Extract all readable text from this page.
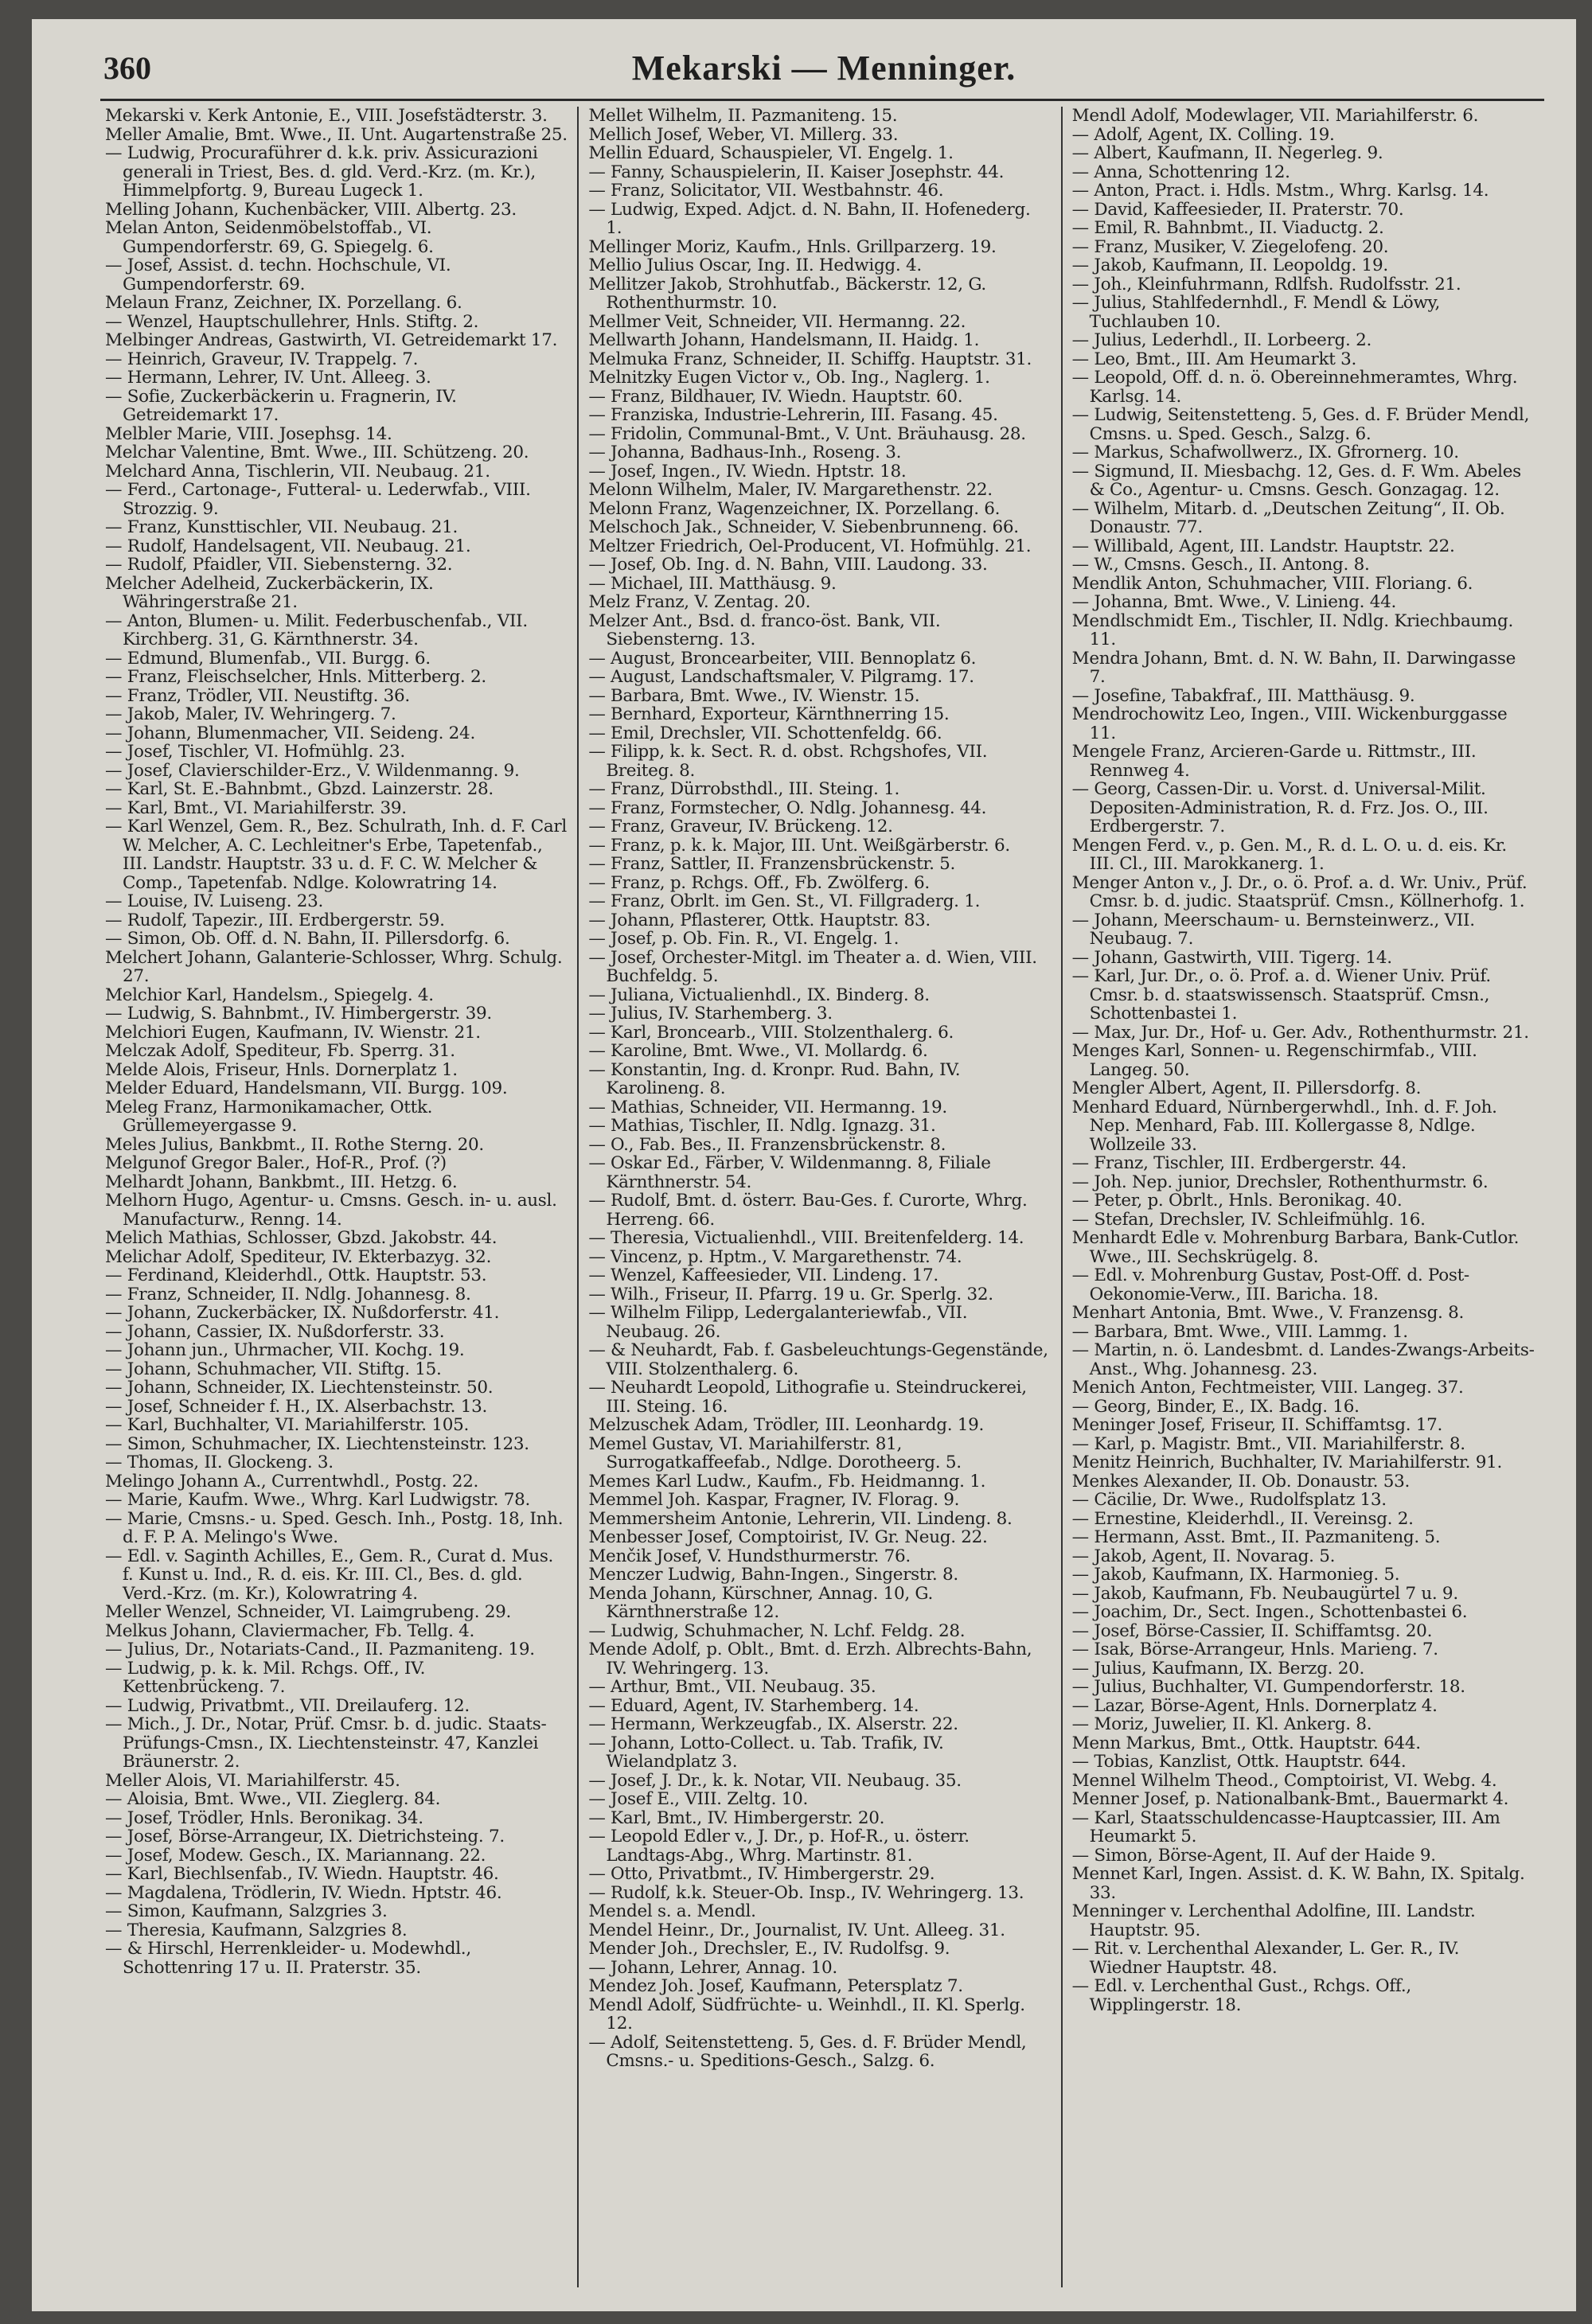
360	Mekarski — Menninger.

Mekarski v. Kerk Antonie, E., VIII. Josefstädterstr. 3.

Meller Amalie, Bmt. Wwe., II. Unt. Augartenstraße 25.

— Ludwig, Procuraführer d. k.k. priv. Assicurazioni generali in Triest, Bes. d. gld. Verd.-Krz. (m. Kr.), Himmelpfortg. 9, Bureau Lugeck 1.

Melling Johann, Kuchenbäcker, VIII. Albertg. 23.

Melan Anton, Seidenmöbelstoffab., VI. Gumpendorferstr. 69, G. Spiegelg. 6.

— Josef, Assist. d. techn. Hochschule, VI. Gumpendorferstr. 69.

Melaun Franz, Zeichner, IX. Porzellang. 6.

— Wenzel, Hauptschullehrer, Hnls. Stiftg. 2.

Melbinger Andreas, Gastwirth, VI. Getreidemarkt 17.

— Heinrich, Graveur, IV. Trappelg. 7.

— Hermann, Lehrer, IV. Unt. Alleeg. 3.

— Sofie, Zuckerbäckerin u. Fragnerin, IV. Getreidemarkt 17.

Melbler Marie, VIII. Josephsg. 14.

Melchar Valentine, Bmt. Wwe., III. Schützeng. 20.

Melchard Anna, Tischlerin, VII. Neubaug. 21.

— Ferd., Cartonage-, Futteral- u. Lederwfab., VIII. Strozzig. 9.

— Franz, Kunsttischler, VII. Neubaug. 21.

— Rudolf, Handelsagent, VII. Neubaug. 21.

— Rudolf, Pfaidler, VII. Siebensterng. 32.

Melcher Adelheid, Zuckerbäckerin, IX. Währingerstraße 21.

— Anton, Blumen- u. Milit. Federbuschenfab., VII. Kirchberg. 31, G. Kärnthnerstr. 34.

— Edmund, Blumenfab., VII. Burgg. 6.

— Franz, Fleischselcher, Hnls. Mitterberg. 2.

— Franz, Trödler, VII. Neustiftg. 36.

— Jakob, Maler, IV. Wehringerg. 7.

— Johann, Blumenmacher, VII. Seideng. 24.

— Josef, Tischler, VI. Hofmühlg. 23.

— Josef, Clavierschilder-Erz., V. Wildenmanng. 9.

— Karl, St. E.-Bahnbmt., Gbzd. Lainzerstr. 28.

— Karl, Bmt., VI. Mariahilferstr. 39.

— Karl Wenzel, Gem. R., Bez. Schulrath, Inh. d. F. Carl W. Melcher, A. C. Lechleitner's Erbe, Tapetenfab., III. Landstr. Hauptstr. 33 u. d. F. C. W. Melcher & Comp., Tapetenfab. Ndlge. Kolowratring 14.

— Louise, IV. Luiseng. 23.

— Rudolf, Tapezir., III. Erdbergerstr. 59.

— Simon, Ob. Off. d. N. Bahn, II. Pillersdorfg. 6.

Melchert Johann, Galanterie-Schlosser, Whrg. Schulg. 27.

Melchior Karl, Handelsm., Spiegelg. 4.

— Ludwig, S. Bahnbmt., IV. Himbergerstr. 39.

Melchiori Eugen, Kaufmann, IV. Wienstr. 21.

Melczak Adolf, Spediteur, Fb. Sperrg. 31.

Melde Alois, Friseur, Hnls. Dornerplatz 1.

Melder Eduard, Handelsmann, VII. Burgg. 109.

Meleg Franz, Harmonikamacher, Ottk. Grüllemeyergasse 9.

Meles Julius, Bankbmt., II. Rothe Sterng. 20.

Melgunof Gregor Baler., Hof-R., Prof. (?)

Melhardt Johann, Bankbmt., III. Hetzg. 6.

Melhorn Hugo, Agentur- u. Cmsns. Gesch. in- u. ausl. Manufacturw., Renng. 14.

Melich Mathias, Schlosser, Gbzd. Jakobstr. 44.

Melichar Adolf, Spediteur, IV. Ekterbazyg. 32.

— Ferdinand, Kleiderhdl., Ottk. Hauptstr. 53.

— Franz, Schneider, II. Ndlg. Johannesg. 8.

— Johann, Zuckerbäcker, IX. Nußdorferstr. 41.

— Johann, Cassier, IX. Nußdorferstr. 33.

— Johann jun., Uhrmacher, VII. Kochg. 19.

— Johann, Schuhmacher, VII. Stiftg. 15.

— Johann, Schneider, IX. Liechtensteinstr. 50.

— Josef, Schneider f. H., IX. Alserbachstr. 13.

— Karl, Buchhalter, VI. Mariahilferstr. 105.

— Simon, Schuhmacher, IX. Liechtensteinstr. 123.

— Thomas, II. Glockeng. 3.

Melingo Johann A., Currentwhdl., Postg. 22.

— Marie, Kaufm. Wwe., Whrg. Karl Ludwigstr. 78.

— Marie, Cmsns.- u. Sped. Gesch. Inh., Postg. 18, Inh. d. F. P. A. Melingo's Wwe.

— Edl. v. Saginth Achilles, E., Gem. R., Curat d. Mus. f. Kunst u. Ind., R. d. eis. Kr. III. Cl., Bes. d. gld. Verd.-Krz. (m. Kr.), Kolowratring 4.

Meller Wenzel, Schneider, VI. Laimgrubeng. 29.

Melkus Johann, Claviermacher, Fb. Tellg. 4.

— Julius, Dr., Notariats-Cand., II. Pazmaniteng. 19.

— Ludwig, p. k. k. Mil. Rchgs. Off., IV. Kettenbrückeng. 7.

— Ludwig, Privatbmt., VII. Dreilauferg. 12.

— Mich., J. Dr., Notar, Prüf. Cmsr. b. d. judic. Staats-Prüfungs-Cmsn., IX. Liechtensteinstr. 47, Kanzlei Bräunerstr. 2.

Meller Alois, VI. Mariahilferstr. 45.

— Aloisia, Bmt. Wwe., VII. Zieglerg. 84.

— Josef, Trödler, Hnls. Beronikag. 34.

— Josef, Börse-Arrangeur, IX. Dietrichsteing. 7.

— Josef, Modew. Gesch., IX. Mariannang. 22.

— Karl, Biechlsenfab., IV. Wiedn. Hauptstr. 46.

— Magdalena, Trödlerin, IV. Wiedn. Hptstr. 46.

— Simon, Kaufmann, Salzgries 3.

— Theresia, Kaufmann, Salzgries 8.

— & Hirschl, Herrenkleider- u. Modewhdl., Schottenring 17 u. II. Praterstr. 35.

Mellet Wilhelm, II. Pazmaniteng. 15.

Mellich Josef, Weber, VI. Millerg. 33.

Mellin Eduard, Schauspieler, VI. Engelg. 1.

— Fanny, Schauspielerin, II. Kaiser Josephstr. 44.

— Franz, Solicitator, VII. Westbahnstr. 46.

— Ludwig, Exped. Adjct. d. N. Bahn, II. Hofenederg. 1.

Mellinger Moriz, Kaufm., Hnls. Grillparzerg. 19.

Mellio Julius Oscar, Ing. II. Hedwigg. 4.

Mellitzer Jakob, Strohhutfab., Bäckerstr. 12, G. Rothenthurmstr. 10.

Mellmer Veit, Schneider, VII. Hermanng. 22.

Mellwarth Johann, Handelsmann, II. Haidg. 1.

Melmuka Franz, Schneider, II. Schiffg. Hauptstr. 31.

Melnitzky Eugen Victor v., Ob. Ing., Naglerg. 1.

— Franz, Bildhauer, IV. Wiedn. Hauptstr. 60.

— Franziska, Industrie-Lehrerin, III. Fasang. 45.

— Fridolin, Communal-Bmt., V. Unt. Bräuhausg. 28.

— Johanna, Badhaus-Inh., Roseng. 3.

— Josef, Ingen., IV. Wiedn. Hptstr. 18.

Melonn Wilhelm, Maler, IV. Margarethenstr. 22.

Melonn Franz, Wagenzeichner, IX. Porzellang. 6.

Melschoch Jak., Schneider, V. Siebenbrunneng. 66.

Meltzer Friedrich, Oel-Producent, VI. Hofmühlg. 21.

— Josef, Ob. Ing. d. N. Bahn, VIII. Laudong. 33.

— Michael, III. Matthäusg. 9.

Melz Franz, V. Zentag. 20.

Melzer Ant., Bsd. d. franco-öst. Bank, VII. Siebensterng. 13.

— August, Broncearbeiter, VIII. Bennoplatz 6.

— August, Landschaftsmaler, V. Pilgramg. 17.

— Barbara, Bmt. Wwe., IV. Wienstr. 15.

— Bernhard, Exporteur, Kärnthnerring 15.

— Emil, Drechsler, VII. Schottenfeldg. 66.

— Filipp, k. k. Sect. R. d. obst. Rchgshofes, VII. Breiteg. 8.

— Franz, Dürrobsthdl., III. Steing. 1.

— Franz, Formstecher, O. Ndlg. Johannesg. 44.

— Franz, Graveur, IV. Brückeng. 12.

— Franz, p. k. k. Major, III. Unt. Weißgärberstr. 6.

— Franz, Sattler, II. Franzensbrückenstr. 5.

— Franz, p. Rchgs. Off., Fb. Zwölferg. 6.

— Franz, Obrlt. im Gen. St., VI. Fillgraderg. 1.

— Johann, Pflasterer, Ottk. Hauptstr. 83.

— Josef, p. Ob. Fin. R., VI. Engelg. 1.

— Josef, Orchester-Mitgl. im Theater a. d. Wien, VIII. Buchfeldg. 5.

— Juliana, Victualienhdl., IX. Binderg. 8.

— Julius, IV. Starhemberg. 3.

— Karl, Broncearb., VIII. Stolzenthalerg. 6.

— Karoline, Bmt. Wwe., VI. Mollardg. 6.

— Konstantin, Ing. d. Kronpr. Rud. Bahn, IV. Karolineng. 8.

— Mathias, Schneider, VII. Hermanng. 19.

— Mathias, Tischler, II. Ndlg. Ignazg. 31.

— O., Fab. Bes., II. Franzensbrückenstr. 8.

— Oskar Ed., Färber, V. Wildenmanng. 8, Filiale Kärnthnerstr. 54.

— Rudolf, Bmt. d. österr. Bau-Ges. f. Curorte, Whrg. Herreng. 66.

— Theresia, Victualienhdl., VIII. Breitenfelderg. 14.

— Vincenz, p. Hptm., V. Margarethenstr. 74.

— Wenzel, Kaffeesieder, VII. Lindeng. 17.

— Wilh., Friseur, II. Pfarrg. 19 u. Gr. Sperlg. 32.

— Wilhelm Filipp, Ledergalanteriewfab., VII. Neubaug. 26.

— & Neuhardt, Fab. f. Gasbeleuchtungs-Gegenstände, VIII. Stolzenthalerg. 6.

— Neuhardt Leopold, Lithografie u. Steindruckerei, III. Steing. 16.

Melzuschek Adam, Trödler, III. Leonhardg. 19.

Memel Gustav, VI. Mariahilferstr. 81, Surrogatkaffeefab., Ndlge. Dorotheerg. 5.

Memes Karl Ludw., Kaufm., Fb. Heidmanng. 1.

Memmel Joh. Kaspar, Fragner, IV. Florag. 9.

Memmersheim Antonie, Lehrerin, VII. Lindeng. 8.

Menbesser Josef, Comptoirist, IV. Gr. Neug. 22.

Menčik Josef, V. Hundsthurmerstr. 76.

Menczer Ludwig, Bahn-Ingen., Singerstr. 8.

Menda Johann, Kürschner, Annag. 10, G. Kärnthnerstraße 12.

— Ludwig, Schuhmacher, N. Lchf. Feldg. 28.

Mende Adolf, p. Oblt., Bmt. d. Erzh. Albrechts-Bahn, IV. Wehringerg. 13.

— Arthur, Bmt., VII. Neubaug. 35.

— Eduard, Agent, IV. Starhemberg. 14.

— Hermann, Werkzeugfab., IX. Alserstr. 22.

— Johann, Lotto-Collect. u. Tab. Trafik, IV. Wielandplatz 3.

— Josef, J. Dr., k. k. Notar, VII. Neubaug. 35.

— Josef E., VIII. Zeltg. 10.

— Karl, Bmt., IV. Himbergerstr. 20.

— Leopold Edler v., J. Dr., p. Hof-R., u. österr. Landtags-Abg., Whrg. Martinstr. 81.

— Otto, Privatbmt., IV. Himbergerstr. 29.

— Rudolf, k.k. Steuer-Ob. Insp., IV. Wehringerg. 13.

Mendel s. a. Mendl.

Mendel Heinr., Dr., Journalist, IV. Unt. Alleeg. 31.

Mender Joh., Drechsler, E., IV. Rudolfsg. 9.

— Johann, Lehrer, Annag. 10.

Mendez Joh. Josef, Kaufmann, Petersplatz 7.

Mendl Adolf, Südfrüchte- u. Weinhdl., II. Kl. Sperlg. 12.

— Adolf, Seitenstetteng. 5, Ges. d. F. Brüder Mendl, Cmsns.- u. Speditions-Gesch., Salzg. 6.

Mendl Adolf, Modewlager, VII. Mariahilferstr. 6.

— Adolf, Agent, IX. Colling. 19.

— Albert, Kaufmann, II. Negerleg. 9.

— Anna, Schottenring 12.

— Anton, Pract. i. Hdls. Mstm., Whrg. Karlsg. 14.

— David, Kaffeesieder, II. Praterstr. 70.

— Emil, R. Bahnbmt., II. Viaductg. 2.

— Franz, Musiker, V. Ziegelofeng. 20.

— Jakob, Kaufmann, II. Leopoldg. 19.

— Joh., Kleinfuhrmann, Rdlfsh. Rudolfsstr. 21.

— Julius, Stahlfedernhdl., F. Mendl & Löwy, Tuchlauben 10.

— Julius, Lederhdl., II. Lorbeerg. 2.

— Leo, Bmt., III. Am Heumarkt 3.

— Leopold, Off. d. n. ö. Obereinnehmeramtes, Whrg. Karlsg. 14.

— Ludwig, Seitenstetteng. 5, Ges. d. F. Brüder Mendl, Cmsns. u. Sped. Gesch., Salzg. 6.

— Markus, Schafwollwerz., IX. Gfrornerg. 10.

— Sigmund, II. Miesbachg. 12, Ges. d. F. Wm. Abeles & Co., Agentur- u. Cmsns. Gesch. Gonzagag. 12.

— Wilhelm, Mitarb. d. „Deutschen Zeitung“, II. Ob. Donaustr. 77.

— Willibald, Agent, III. Landstr. Hauptstr. 22.

— W., Cmsns. Gesch., II. Antong. 8.

Mendlik Anton, Schuhmacher, VIII. Floriang. 6.

— Johanna, Bmt. Wwe., V. Linieng. 44.

Mendlschmidt Em., Tischler, II. Ndlg. Kriechbaumg. 11.

Mendra Johann, Bmt. d. N. W. Bahn, II. Darwingasse 7.

— Josefine, Tabakfraf., III. Matthäusg. 9.

Mendrochowitz Leo, Ingen., VIII. Wickenburggasse 11.

Mengele Franz, Arcieren-Garde u. Rittmstr., III. Rennweg 4.

— Georg, Cassen-Dir. u. Vorst. d. Universal-Milit. Depositen-Administration, R. d. Frz. Jos. O., III. Erdbergerstr. 7.

Mengen Ferd. v., p. Gen. M., R. d. L. O. u. d. eis. Kr. III. Cl., III. Marokkanerg. 1.

Menger Anton v., J. Dr., o. ö. Prof. a. d. Wr. Univ., Prüf. Cmsr. b. d. judic. Staatsprüf. Cmsn., Köllnerhofg. 1.

— Johann, Meerschaum- u. Bernsteinwerz., VII. Neubaug. 7.

— Johann, Gastwirth, VIII. Tigerg. 14.

— Karl, Jur. Dr., o. ö. Prof. a. d. Wiener Univ. Prüf. Cmsr. b. d. staatswissensch. Staatsprüf. Cmsn., Schottenbastei 1.

— Max, Jur. Dr., Hof- u. Ger. Adv., Rothenthurmstr. 21.

Menges Karl, Sonnen- u. Regenschirmfab., VIII. Langeg. 50.

Mengler Albert, Agent, II. Pillersdorfg. 8.

Menhard Eduard, Nürnbergerwhdl., Inh. d. F. Joh. Nep. Menhard, Fab. III. Kollergasse 8, Ndlge. Wollzeile 33.

— Franz, Tischler, III. Erdbergerstr. 44.

— Joh. Nep. junior, Drechsler, Rothenthurmstr. 6.

— Peter, p. Obrlt., Hnls. Beronikag. 40.

— Stefan, Drechsler, IV. Schleifmühlg. 16.

Menhardt Edle v. Mohrenburg Barbara, Bank-Cutlor. Wwe., III. Sechskrügelg. 8.

— Edl. v. Mohrenburg Gustav, Post-Off. d. Post-Oekonomie-Verw., III. Baricha. 18.

Menhart Antonia, Bmt. Wwe., V. Franzensg. 8.

— Barbara, Bmt. Wwe., VIII. Lammg. 1.

— Martin, n. ö. Landesbmt. d. Landes-Zwangs-Arbeits-Anst., Whg. Johannesg. 23.

Menich Anton, Fechtmeister, VIII. Langeg. 37.

— Georg, Binder, E., IX. Badg. 16.

Meninger Josef, Friseur, II. Schiffamtsg. 17.

— Karl, p. Magistr. Bmt., VII. Mariahilferstr. 8.

Menitz Heinrich, Buchhalter, IV. Mariahilferstr. 91.

Menkes Alexander, II. Ob. Donaustr. 53.

— Cäcilie, Dr. Wwe., Rudolfsplatz 13.

— Ernestine, Kleiderhdl., II. Vereinsg. 2.

— Hermann, Asst. Bmt., II. Pazmaniteng. 5.

— Jakob, Agent, II. Novarag. 5.

— Jakob, Kaufmann, IX. Harmonieg. 5.

— Jakob, Kaufmann, Fb. Neubaugürtel 7 u. 9.

— Joachim, Dr., Sect. Ingen., Schottenbastei 6.

— Josef, Börse-Cassier, II. Schiffamtsg. 20.

— Isak, Börse-Arrangeur, Hnls. Marieng. 7.

— Julius, Kaufmann, IX. Berzg. 20.

— Julius, Buchhalter, VI. Gumpendorferstr. 18.

— Lazar, Börse-Agent, Hnls. Dornerplatz 4.

— Moriz, Juwelier, II. Kl. Ankerg. 8.

Menn Markus, Bmt., Ottk. Hauptstr. 644.

— Tobias, Kanzlist, Ottk. Hauptstr. 644.

Mennel Wilhelm Theod., Comptoirist, VI. Webg. 4.

Menner Josef, p. Nationalbank-Bmt., Bauermarkt 4.

— Karl, Staatsschuldencasse-Hauptcassier, III. Am Heumarkt 5.

— Simon, Börse-Agent, II. Auf der Haide 9.

Mennet Karl, Ingen. Assist. d. K. W. Bahn, IX. Spitalg. 33.

Menninger v. Lerchenthal Adolfine, III. Landstr. Hauptstr. 95.

— Rit. v. Lerchenthal Alexander, L. Ger. R., IV. Wiedner Hauptstr. 48.

— Edl. v. Lerchenthal Gust., Rchgs. Off., Wipplingerstr. 18.
